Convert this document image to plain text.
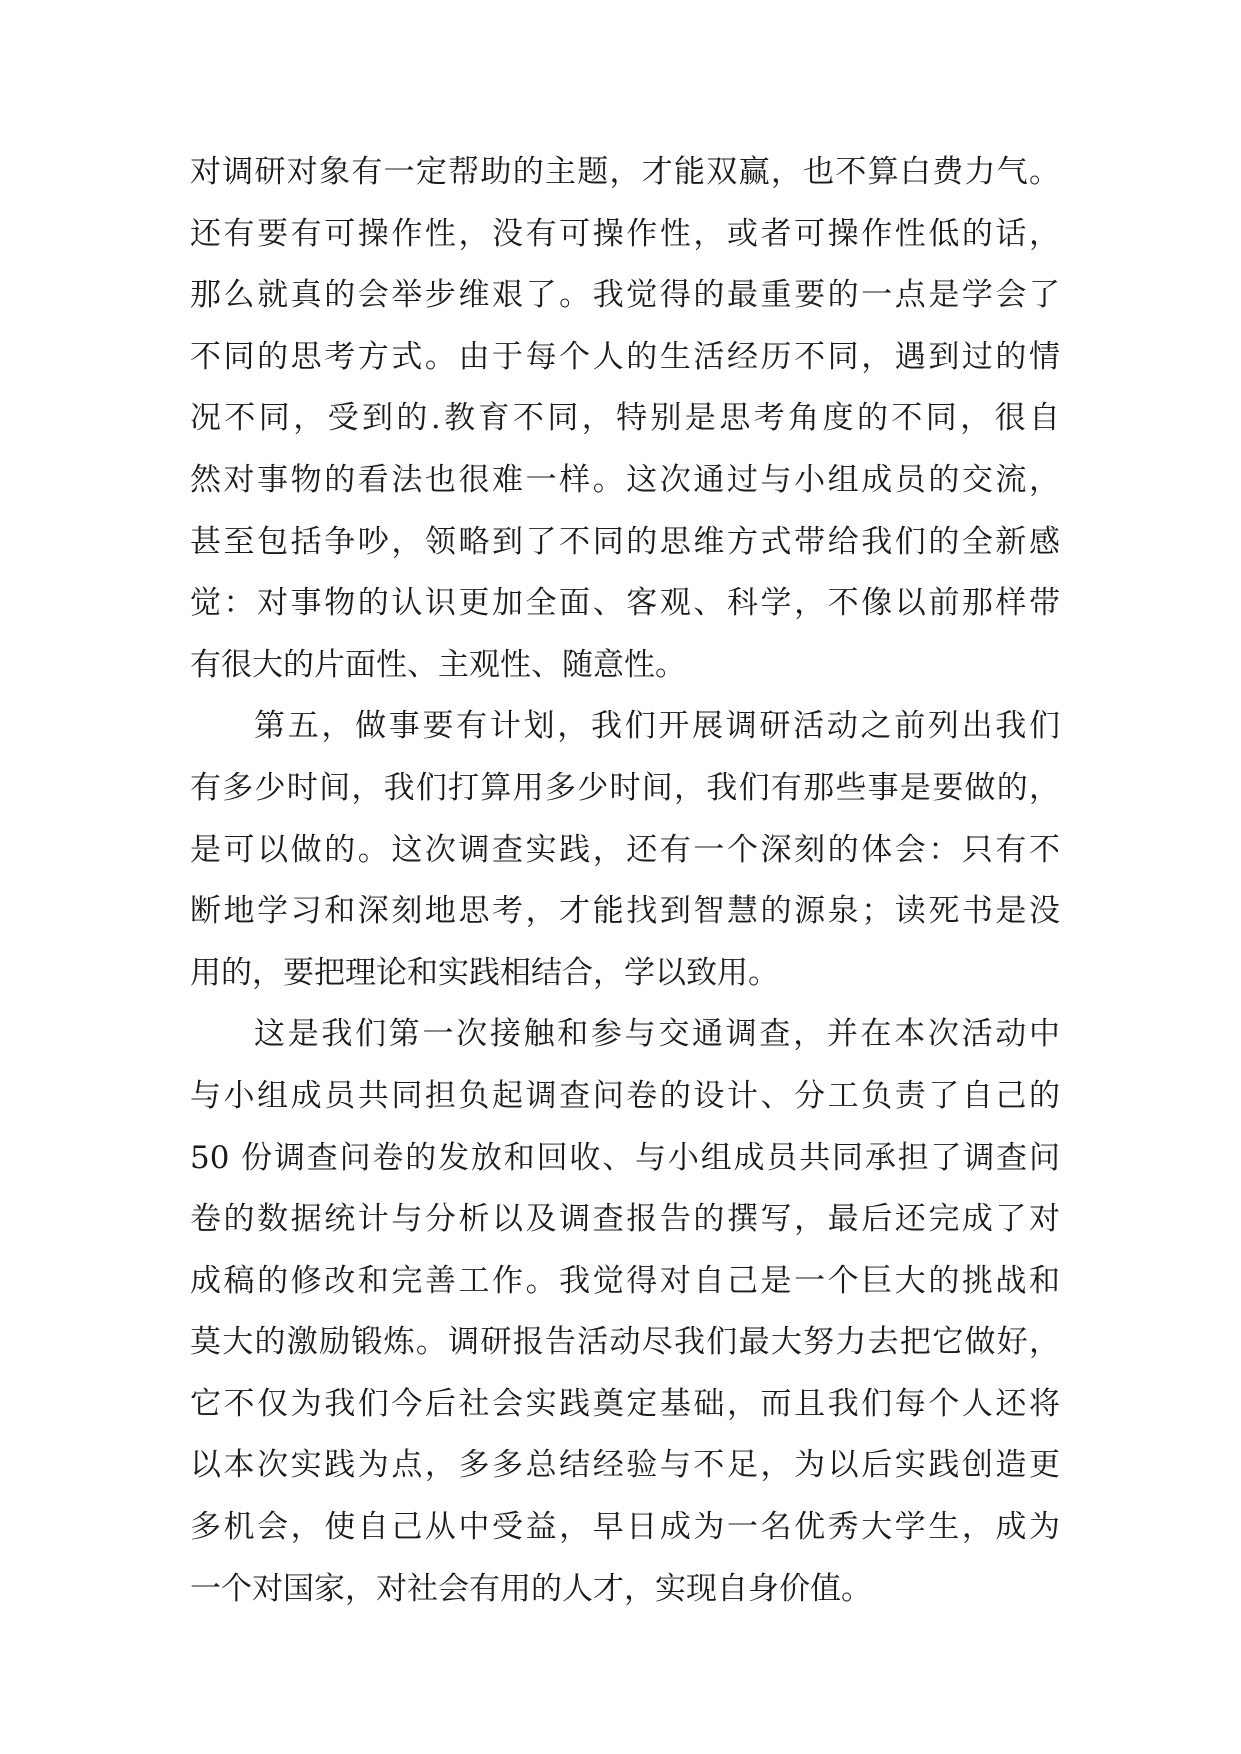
对调研对象有一定帮助的主题，才能双赢，也不算白费力气。
还有要有可操作性，没有可操作性，或者可操作性低的话，
那么就真的会举步维艰了。我觉得的最重要的一点是学会了
不同的思考方式。由于每个人的生活经历不同，遇到过的情
况不同，受到的.教育不同，特别是思考角度的不同，很自
然对事物的看法也很难一样。这次通过与小组成员的交流，
甚至包括争吵，领略到了不同的思维方式带给我们的全新感
觉：对事物的认识更加全面、客观、科学，不像以前那样带
有很大的片面性、主观性、随意性。
第五，做事要有计划，我们开展调研活动之前列出我们
有多少时间，我们打算用多少时间，我们有那些事是要做的，
是可以做的。这次调查实践，还有一个深刻的体会：只有不
断地学习和深刻地思考，才能找到智慧的源泉；读死书是没
用的，要把理论和实践相结合，学以致用。
这是我们第一次接触和参与交通调查，并在本次活动中
与小组成员共同担负起调查问卷的设计、分工负责了自己的
50 份调查问卷的发放和回收、与小组成员共同承担了调查问
卷的数据统计与分析以及调查报告的撰写，最后还完成了对
成稿的修改和完善工作。我觉得对自己是一个巨大的挑战和
莫大的激励锻炼。调研报告活动尽我们最大努力去把它做好，
它不仅为我们今后社会实践奠定基础，而且我们每个人还将
以本次实践为点，多多总结经验与不足，为以后实践创造更
多机会，使自己从中受益，早日成为一名优秀大学生，成为
一个对国家，对社会有用的人才，实现自身价值。
